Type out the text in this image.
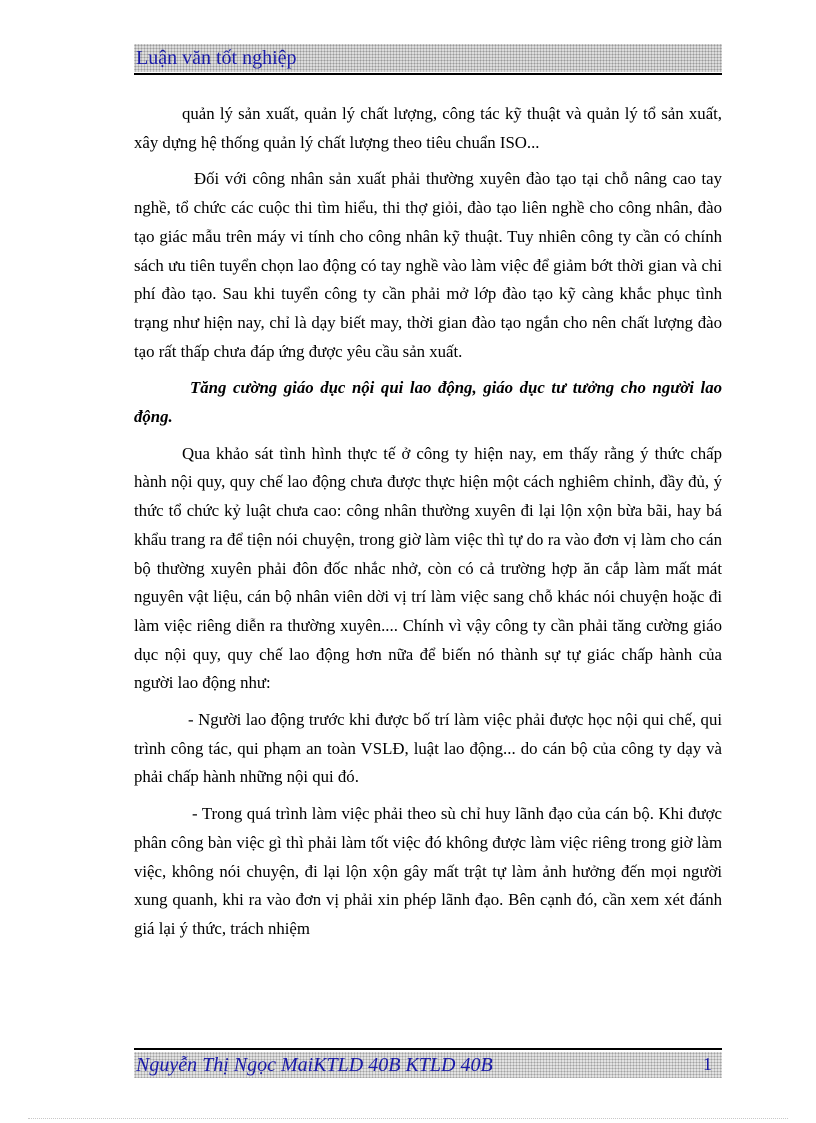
Luận văn tốt nghiệp

quản lý sản xuất, quản lý chất lượng, công tác kỹ thuật và quản lý tổ sản xuất, xây dựng hệ thống quản lý chất lượng theo tiêu chuẩn ISO...

Đối với công nhân sản xuất phải thường xuyên đào tạo tại chỗ nâng cao tay nghề, tổ chức các cuộc thi tìm hiểu, thi thợ giỏi, đào tạo liên nghề cho công nhân, đào tạo giác mẫu trên máy vi tính cho công nhân kỹ thuật. Tuy nhiên công ty cần có chính sách ưu tiên tuyển chọn lao động có tay nghề vào làm việc để giảm bớt thời gian và chi phí đào tạo. Sau khi tuyển công ty cần phải mở lớp đào tạo kỹ càng khắc phục tình trạng như hiện nay, chỉ là dạy biết may, thời gian đào tạo ngắn cho nên chất lượng đào tạo rất thấp chưa đáp ứng được yêu cầu sản xuất.

Tăng cường giáo dục nội qui lao động, giáo dục tư tưởng cho người lao động.

Qua khảo sát tình hình thực tế ở công ty hiện nay, em thấy rằng ý thức chấp hành nội quy, quy chế lao động chưa được thực hiện một cách nghiêm chỉnh, đầy đủ, ý thức tổ chức kỷ luật chưa cao: công nhân thường xuyên đi lại lộn xộn bừa bãi, hay bá khẩu trang ra để tiện nói chuyện, trong giờ làm việc thì tự do ra vào đơn vị làm cho cán bộ thường xuyên phải đôn đốc nhắc nhở, còn có cả trường hợp ăn cắp làm mất mát nguyên vật liệu, cán bộ nhân viên dời vị trí làm việc sang chỗ khác nói chuyện hoặc đi làm việc riêng diễn ra thường xuyên.... Chính vì vậy công ty cần phải tăng cường giáo dục nội quy, quy chế lao động hơn nữa để biến nó thành sự tự giác chấp hành của người lao động như:

- Người lao động trước khi được bố trí làm việc phải được học nội qui chế, qui trình công tác, qui phạm an toàn VSLĐ, luật lao động... do cán bộ của công ty dạy và phải chấp hành những nội qui đó.

- Trong quá trình làm việc phải theo sù chỉ huy lãnh đạo của cán bộ. Khi được phân công bàn việc gì thì phải làm tốt việc đó không được làm việc riêng trong giờ làm việc, không nói chuyện, đi lại lộn xộn gây mất trật tự làm ảnh hưởng đến mọi người xung quanh, khi ra vào đơn vị phải xin phép lãnh đạo. Bên cạnh đó, cần xem xét đánh giá lại ý thức, trách nhiệm

Nguyễn Thị Ngọc MaiKTLD 40B KTLD 40B	1
